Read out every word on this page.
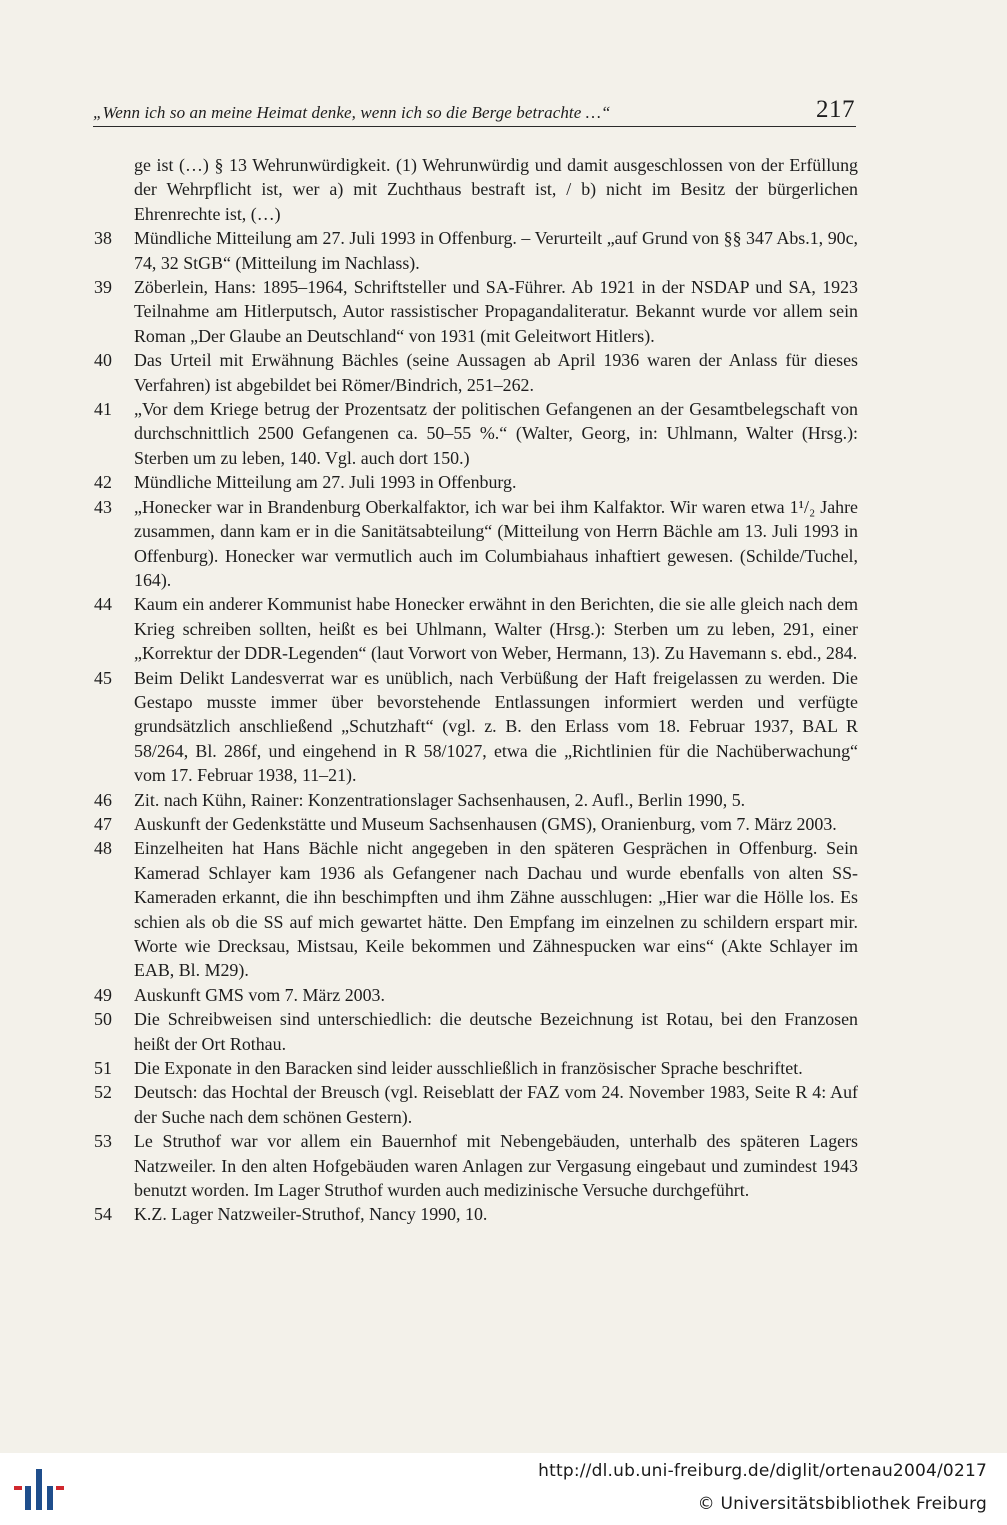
„Wenn ich so an meine Heimat denke, wenn ich so die Berge betrachte …“	217

ge ist (…) § 13 Wehrunwürdigkeit. (1) Wehrunwürdig und damit ausgeschlossen von der Erfüllung der Wehrpflicht ist, wer a) mit Zuchthaus bestraft ist, / b) nicht im Besitz der bürgerlichen Ehrenrechte ist, (…)

38	Mündliche Mitteilung am 27. Juli 1993 in Offenburg. – Verurteilt „auf Grund von §§ 347 Abs.1, 90c, 74, 32 StGB“ (Mitteilung im Nachlass).

39	Zöberlein, Hans: 1895–1964, Schriftsteller und SA-Führer. Ab 1921 in der NSDAP und SA, 1923 Teilnahme am Hitlerputsch, Autor rassistischer Propagandaliteratur. Bekannt wurde vor allem sein Roman „Der Glaube an Deutschland“ von 1931 (mit Geleitwort Hitlers).

40	Das Urteil mit Erwähnung Bächles (seine Aussagen ab April 1936 waren der Anlass für dieses Verfahren) ist abgebildet bei Römer/Bindrich, 251–262.

41	„Vor dem Kriege betrug der Prozentsatz der politischen Gefangenen an der Gesamtbelegschaft von durchschnittlich 2500 Gefangenen ca. 50–55 %.“ (Walter, Georg, in: Uhlmann, Walter (Hrsg.): Sterben um zu leben, 140. Vgl. auch dort 150.)

42	Mündliche Mitteilung am 27. Juli 1993 in Offenburg.

43	„Honecker war in Brandenburg Oberkalfaktor, ich war bei ihm Kalfaktor. Wir waren etwa 1¹/₂ Jahre zusammen, dann kam er in die Sanitätsabteilung“ (Mitteilung von Herrn Bächle am 13. Juli 1993 in Offenburg). Honecker war vermutlich auch im Columbiahaus inhaftiert gewesen. (Schilde/Tuchel, 164).

44	Kaum ein anderer Kommunist habe Honecker erwähnt in den Berichten, die sie alle gleich nach dem Krieg schreiben sollten, heißt es bei Uhlmann, Walter (Hrsg.): Sterben um zu leben, 291, einer „Korrektur der DDR-Legenden“ (laut Vorwort von Weber, Hermann, 13). Zu Havemann s. ebd., 284.

45	Beim Delikt Landesverrat war es unüblich, nach Verbüßung der Haft freigelassen zu werden. Die Gestapo musste immer über bevorstehende Entlassungen informiert werden und verfügte grundsätzlich anschließend „Schutzhaft“ (vgl. z. B. den Erlass vom 18. Februar 1937, BAL R 58/264, Bl. 286f, und eingehend in R 58/1027, etwa die „Richtlinien für die Nachüberwachung“ vom 17. Februar 1938, 11–21).

46	Zit. nach Kühn, Rainer: Konzentrationslager Sachsenhausen, 2. Aufl., Berlin 1990, 5.

47	Auskunft der Gedenkstätte und Museum Sachsenhausen (GMS), Oranienburg, vom 7. März 2003.

48	Einzelheiten hat Hans Bächle nicht angegeben in den späteren Gesprächen in Offenburg. Sein Kamerad Schlayer kam 1936 als Gefangener nach Dachau und wurde ebenfalls von alten SS-Kameraden erkannt, die ihn beschimpften und ihm Zähne ausschlugen: „Hier war die Hölle los. Es schien als ob die SS auf mich gewartet hätte. Den Empfang im einzelnen zu schildern erspart mir. Worte wie Drecksau, Mistsau, Keile bekommen und Zähnespucken war eins“ (Akte Schlayer im EAB, Bl. M29).

49	Auskunft GMS vom 7. März 2003.

50	Die Schreibweisen sind unterschiedlich: die deutsche Bezeichnung ist Rotau, bei den Franzosen heißt der Ort Rothau.

51	Die Exponate in den Baracken sind leider ausschließlich in französischer Sprache beschriftet.

52	Deutsch: das Hochtal der Breusch (vgl. Reiseblatt der FAZ vom 24. November 1983, Seite R 4: Auf der Suche nach dem schönen Gestern).

53	Le Struthof war vor allem ein Bauernhof mit Nebengebäuden, unterhalb des späteren Lagers Natzweiler. In den alten Hofgebäuden waren Anlagen zur Vergasung eingebaut und zumindest 1943 benutzt worden. Im Lager Struthof wurden auch medizinische Versuche durchgeführt.

54	K.Z. Lager Natzweiler-Struthof, Nancy 1990, 10.

http://dl.ub.uni-freiburg.de/diglit/ortenau2004/0217
© Universitätsbibliothek Freiburg
